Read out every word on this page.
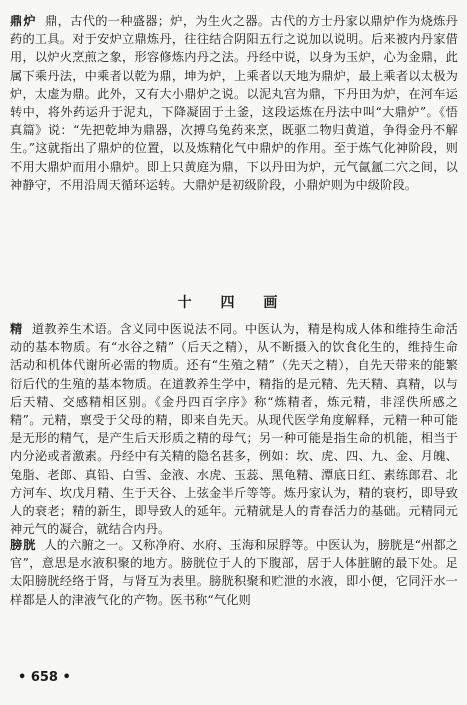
鼎炉 鼎，古代的一种盛器；炉，为生火之器。古代的方士丹家以鼎炉作为烧炼丹药的工具。对于安炉立鼎炼丹，往往结合阴阳五行之说加以说明。后来被内丹家借用，以炉火烹煎之象，形容修炼内丹之法。丹经中说，以身为玉炉，心为金鼎，此属下乘丹法，中乘者以乾为鼎，坤为炉，上乘者以天地为鼎炉，最上乘者以太极为炉，太虚为鼎。此外，又有大小鼎炉之说。以泥丸宫为鼎，下丹田为炉，在河车运转中，将外药运升于泥丸，下降凝固于土釜，这段运炼在丹法中叫“大鼎炉”。《悟真篇》说：“先把乾坤为鼎器，次搏乌兔药来烹，既驱二物归黄道，争得金丹不解生。”这就指出了鼎炉的位置，以及炼精化气中鼎炉的作用。至于炼气化神阶段，则不用大鼎炉而用小鼎炉。即上只黄庭为鼎，下以丹田为炉，元气氤氲二穴之间，以神静守，不用沿周天循环运转。大鼎炉是初级阶段，小鼎炉则为中级阶段。

十 四 画

精 道教养生术语。含义同中医说法不同。中医认为，精是构成人体和维持生命活动的基本物质。有“水谷之精”（后天之精），从不断摄入的饮食化生的，维持生命活动和机体代谢所必需的物质。还有“生殖之精”（先天之精），自先天带来的能繁衍后代的生殖的基本物质。在道教养生学中，精指的是元精、先天精、真精，以与后天精、交感精相区别。《金丹四百字序》称“炼精者，炼元精，非淫佚所感之精”。元精，禀受于父母的精，即来自先天。从现代医学角度解释，元精一种可能是无形的精气，是产生后天形质之精的母气；另一种可能是指生命的机能，相当于内分泌或者激素。丹经中有关精的隐名甚多，例如：坎、虎、四、九、金、月魄、兔脂、老郎、真铅、白雪、金液、水虎、玉蕊、黑龟精、潭底日红、素练郎君、北方河车、坎戊月精、生于天谷、上弦金半斤等等。炼丹家认为，精的衰朽，即导致人的衰老；精的新生，即导致人的延年。元精就是人的青春活力的基础。元精同元神元气的凝合，就结合内丹。

膀胱 人的六腑之一。又称净府、水府、玉海和尿脬等。中医认为，膀胱是“州都之官”，意思是水液积聚的地方。膀胱位于人的下腹部，居于人体脏腑的最下处。足太阳膀胱经络于肾，与肾互为表里。膀胱积聚和贮泄的水液，即小便，它同汗水一样都是人的津液气化的产物。医书称“气化则

• 658 •
